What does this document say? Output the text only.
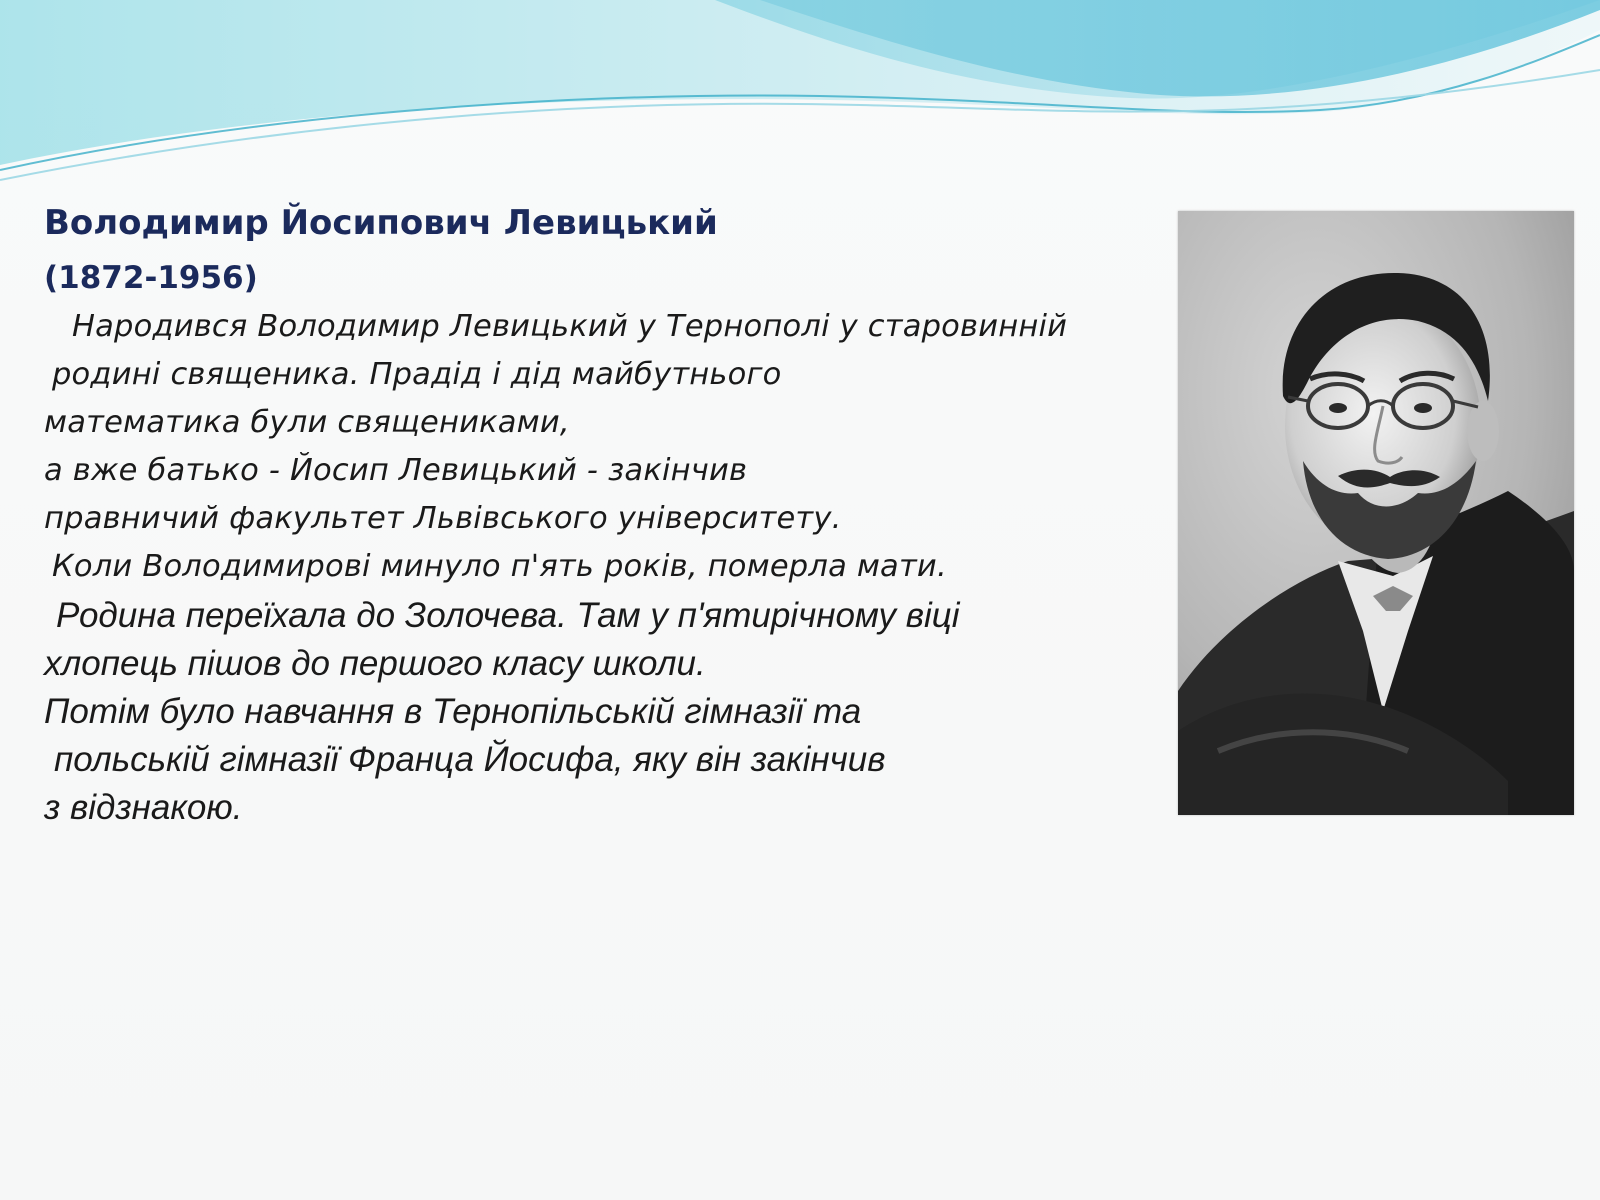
Володимир Йосипович Левицький

(1872-1956)

Народився Володимир Левицький у Тернополі у старовинній

родині священика. Прадід і дід майбутнього

математика були священиками,

а вже батько - Йосип Левицький - закінчив

правничий факультет Львівського університету.

Коли Володимирові минуло п'ять років, померла мати.

Родина переїхала до Золочева. Там у п'ятирічному віці

хлопець пішов до першого класу школи.

Потім було навчання в Тернопільській гімназії та

польській гімназії Франца Йосифа, яку він закінчив

з відзнакою.
